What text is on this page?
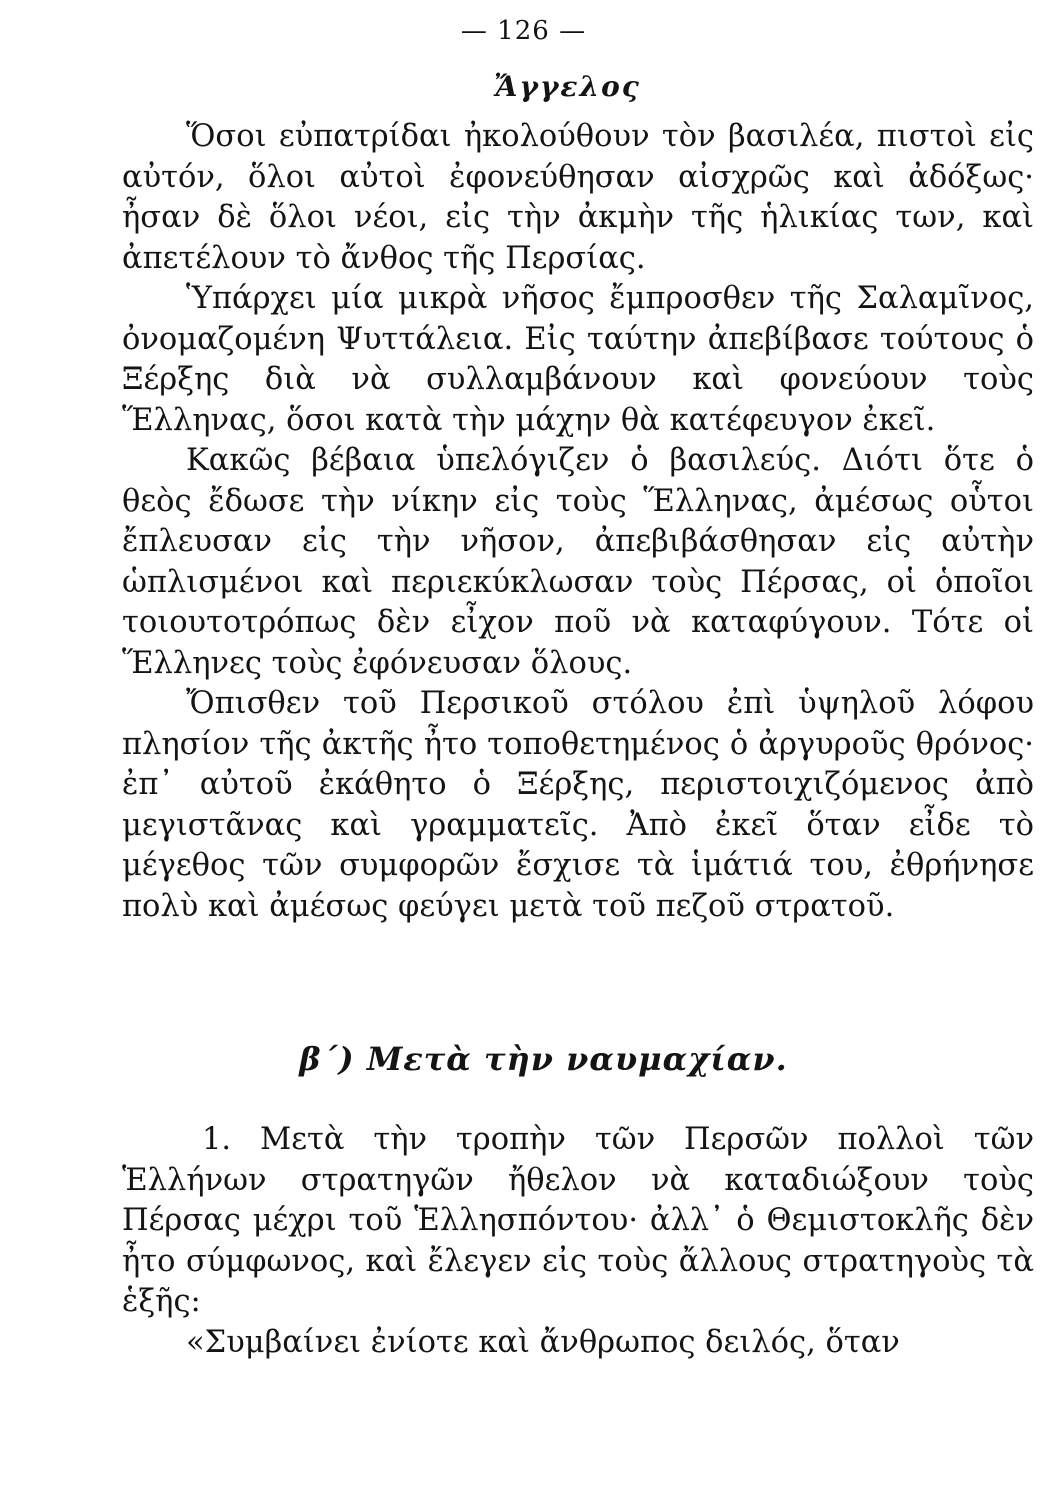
— 126 —
Ἄγγελος

Ὅσοι εὐπατρίδαι ἠκολούθουν τὸν βασιλέα, πιστοὶ εἰς αὐτόν, ὅλοι αὐτοὶ ἐφονεύθησαν αἰσχρῶς καὶ ἀδόξως· ἦσαν δὲ ὅλοι νέοι, εἰς τὴν ἀκμὴν τῆς ἡλικίας των, καὶ ἀπετέλουν τὸ ἄνθος τῆς Περσίας.

Ὑπάρχει μία μικρὰ νῆσος ἔμπροσθεν τῆς Σαλαμῖνος, ὀνομαζομένη Ψυττάλεια. Εἰς ταύτην ἀπεβίβασε τούτους ὁ Ξέρξης διὰ νὰ συλλαμβάνουν καὶ φονεύουν τοὺς Ἕλληνας, ὅσοι κατὰ τὴν μάχην θὰ κατέφευγον ἐκεῖ.

Κακῶς βέβαια ὑπελόγιζεν ὁ βασιλεύς. Διότι ὅτε ὁ θεὸς ἔδωσε τὴν νίκην εἰς τοὺς Ἕλληνας, ἀμέσως οὗτοι ἔπλευσαν εἰς τὴν νῆσον, ἀπεβιβάσθησαν εἰς αὐτὴν ὡπλισμένοι καὶ περιεκύκλωσαν τοὺς Πέρσας, οἱ ὁποῖοι τοιουτοτρόπως δὲν εἶχον ποῦ νὰ καταφύγουν. Τότε οἱ Ἕλληνες τοὺς ἐφόνευσαν ὅλους.

Ὄπισθεν τοῦ Περσικοῦ στόλου ἐπὶ ὑψηλοῦ λόφου πλησίον τῆς ἀκτῆς ἦτο τοποθετημένος ὁ ἀργυροῦς θρόνος· ἐπ᾽ αὐτοῦ ἐκάθητο ὁ Ξέρξης, περιστοιχιζόμενος ἀπὸ μεγιστᾶνας καὶ γραμματεῖς. Ἀπὸ ἐκεῖ ὅταν εἶδε τὸ μέγεθος τῶν συμφορῶν ἔσχισε τὰ ἱμάτιά του, ἐθρήνησε πολὺ καὶ ἀμέσως φεύγει μετὰ τοῦ πεζοῦ στρατοῦ.

β΄) Μετὰ τὴν ναυμαχίαν.

1. Μετὰ τὴν τροπὴν τῶν Περσῶν πολλοὶ τῶν Ἑλλήνων στρατηγῶν ἤθελον νὰ καταδιώξουν τοὺς Πέρσας μέχρι τοῦ Ἑλλησπόντου· ἀλλ᾽ ὁ Θεμιστοκλῆς δὲν ἦτο σύμφωνος, καὶ ἔλεγεν εἰς τοὺς ἄλλους στρατηγοὺς τὰ ἑξῆς:

«Συμβαίνει ἐνίοτε καὶ ἄνθρωπος δειλός, ὅταν
